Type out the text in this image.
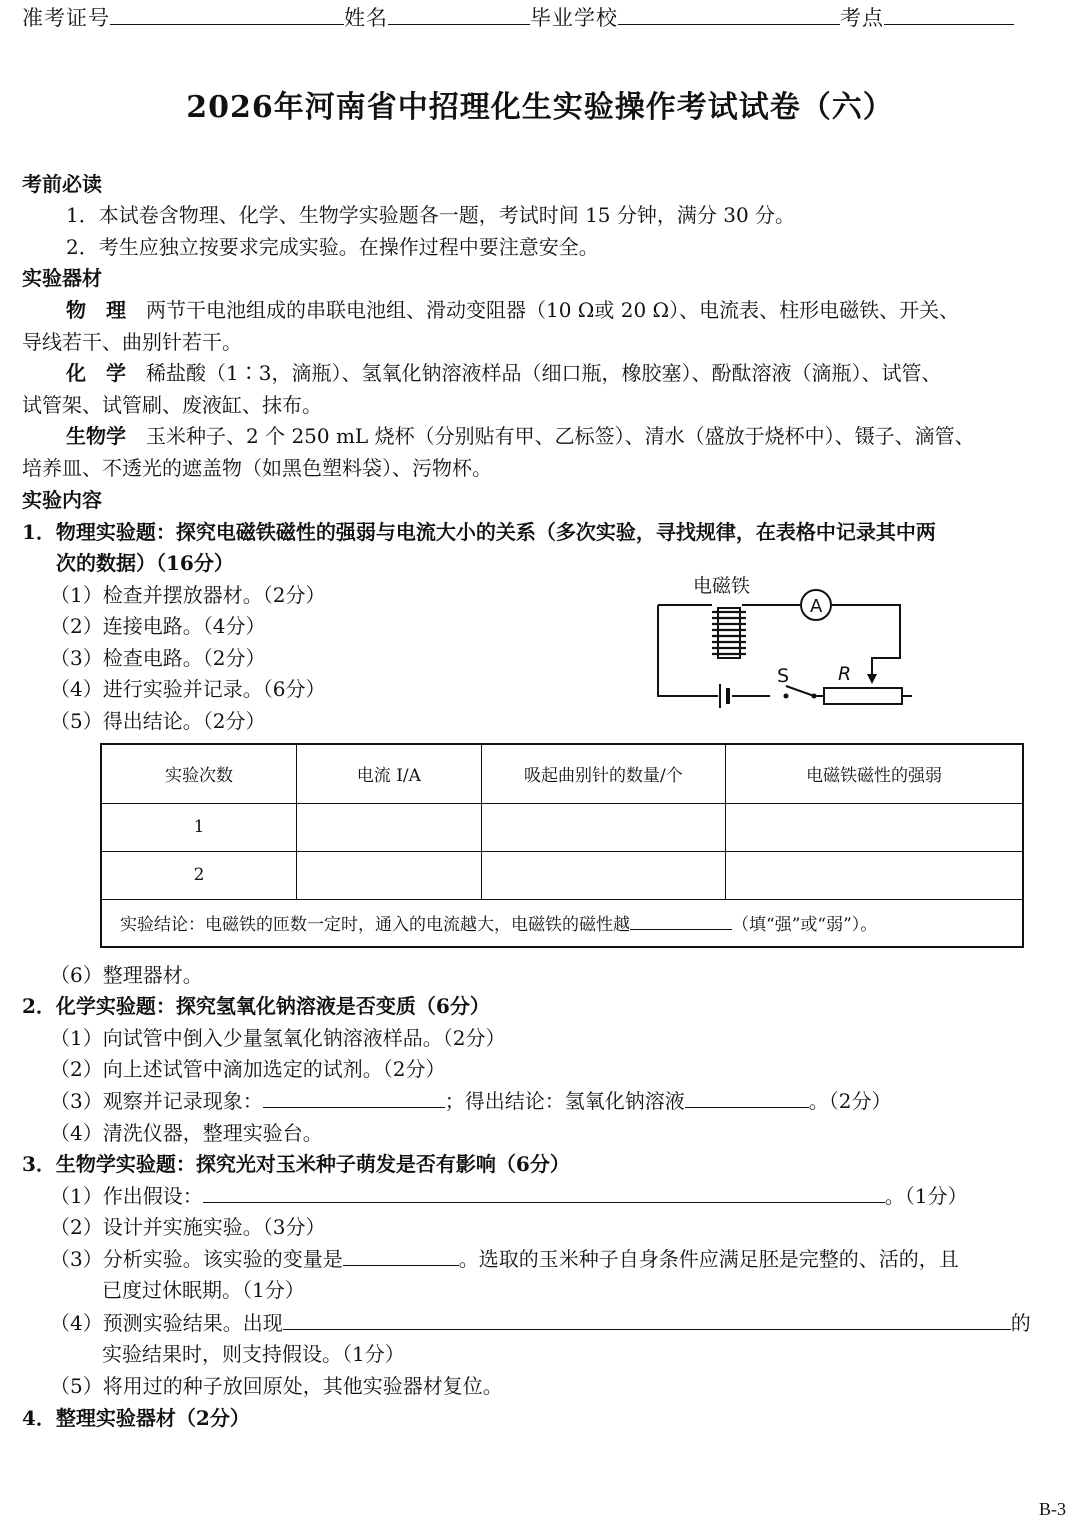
准考证号	姓名	毕业学校	考点
2026年河南省中招理化生实验操作考试试卷（六）
考前必读
1．本试卷含物理、化学、生物学实验题各一题，考试时间 15 分钟，满分 30 分。
2．考生应独立按要求完成实验。在操作过程中要注意安全。
实验器材
物　理　 两节干电池组成的串联电池组、滑动变阻器（10 Ω或 20 Ω）、电流表、柱形电磁铁、开关、
导线若干、曲别针若干。
化　学　 稀盐酸（1∶3，滴瓶）、氢氧化钠溶液样品（细口瓶，橡胶塞）、酚酞溶液（滴瓶）、试管、
试管架、试管刷、废液缸、抹布。
生物学　 玉米种子、2 个 250 mL 烧杯（分别贴有甲、乙标签）、清水（盛放于烧杯中）、镊子、滴管、
培养皿、不透光的遮盖物（如黑色塑料袋）、污物杯。
实验内容
1．物理实验题：探究电磁铁磁性的强弱与电流大小的关系（多次实验，寻找规律，在表格中记录其中两
次的数据）（16分）
（1）检查并摆放器材。（2分）
（2）连接电路。（4分）
（3）检查电路。（2分）
（4）进行实验并记录。（6分）
（5）得出结论。（2分）
电磁铁
A
S	R
实验次数	电流 I/A	吸起曲别针的数量/个	电磁铁磁性的强弱
1			
2			
实验结论：电磁铁的匝数一定时，通入的电流越大，电磁铁的磁性越 （填“强”或“弱”）。			
（6）整理器材。
2．化学实验题：探究氢氧化钠溶液是否变质（6分）
（1）向试管中倒入少量氢氧化钠溶液样品。（2分）
（2）向上述试管中滴加选定的试剂。（2分）
（3）观察并记录现象：	；得出结论：氢氧化钠溶液	。（2分）
（4）清洗仪器，整理实验台。
3．生物学实验题：探究光对玉米种子萌发是否有影响（6分）
（1）作出假设：	。（1分）
（2）设计并实施实验。（3分）
（3）分析实验。该实验的变量是	。选取的玉米种子自身条件应满足胚是完整的、活的，且
已度过休眠期。（1分）
（4）预测实验结果。出现	的
实验结果时，则支持假设。（1分）
（5）将用过的种子放回原处，其他实验器材复位。
4．整理实验器材（2分）
B-3
